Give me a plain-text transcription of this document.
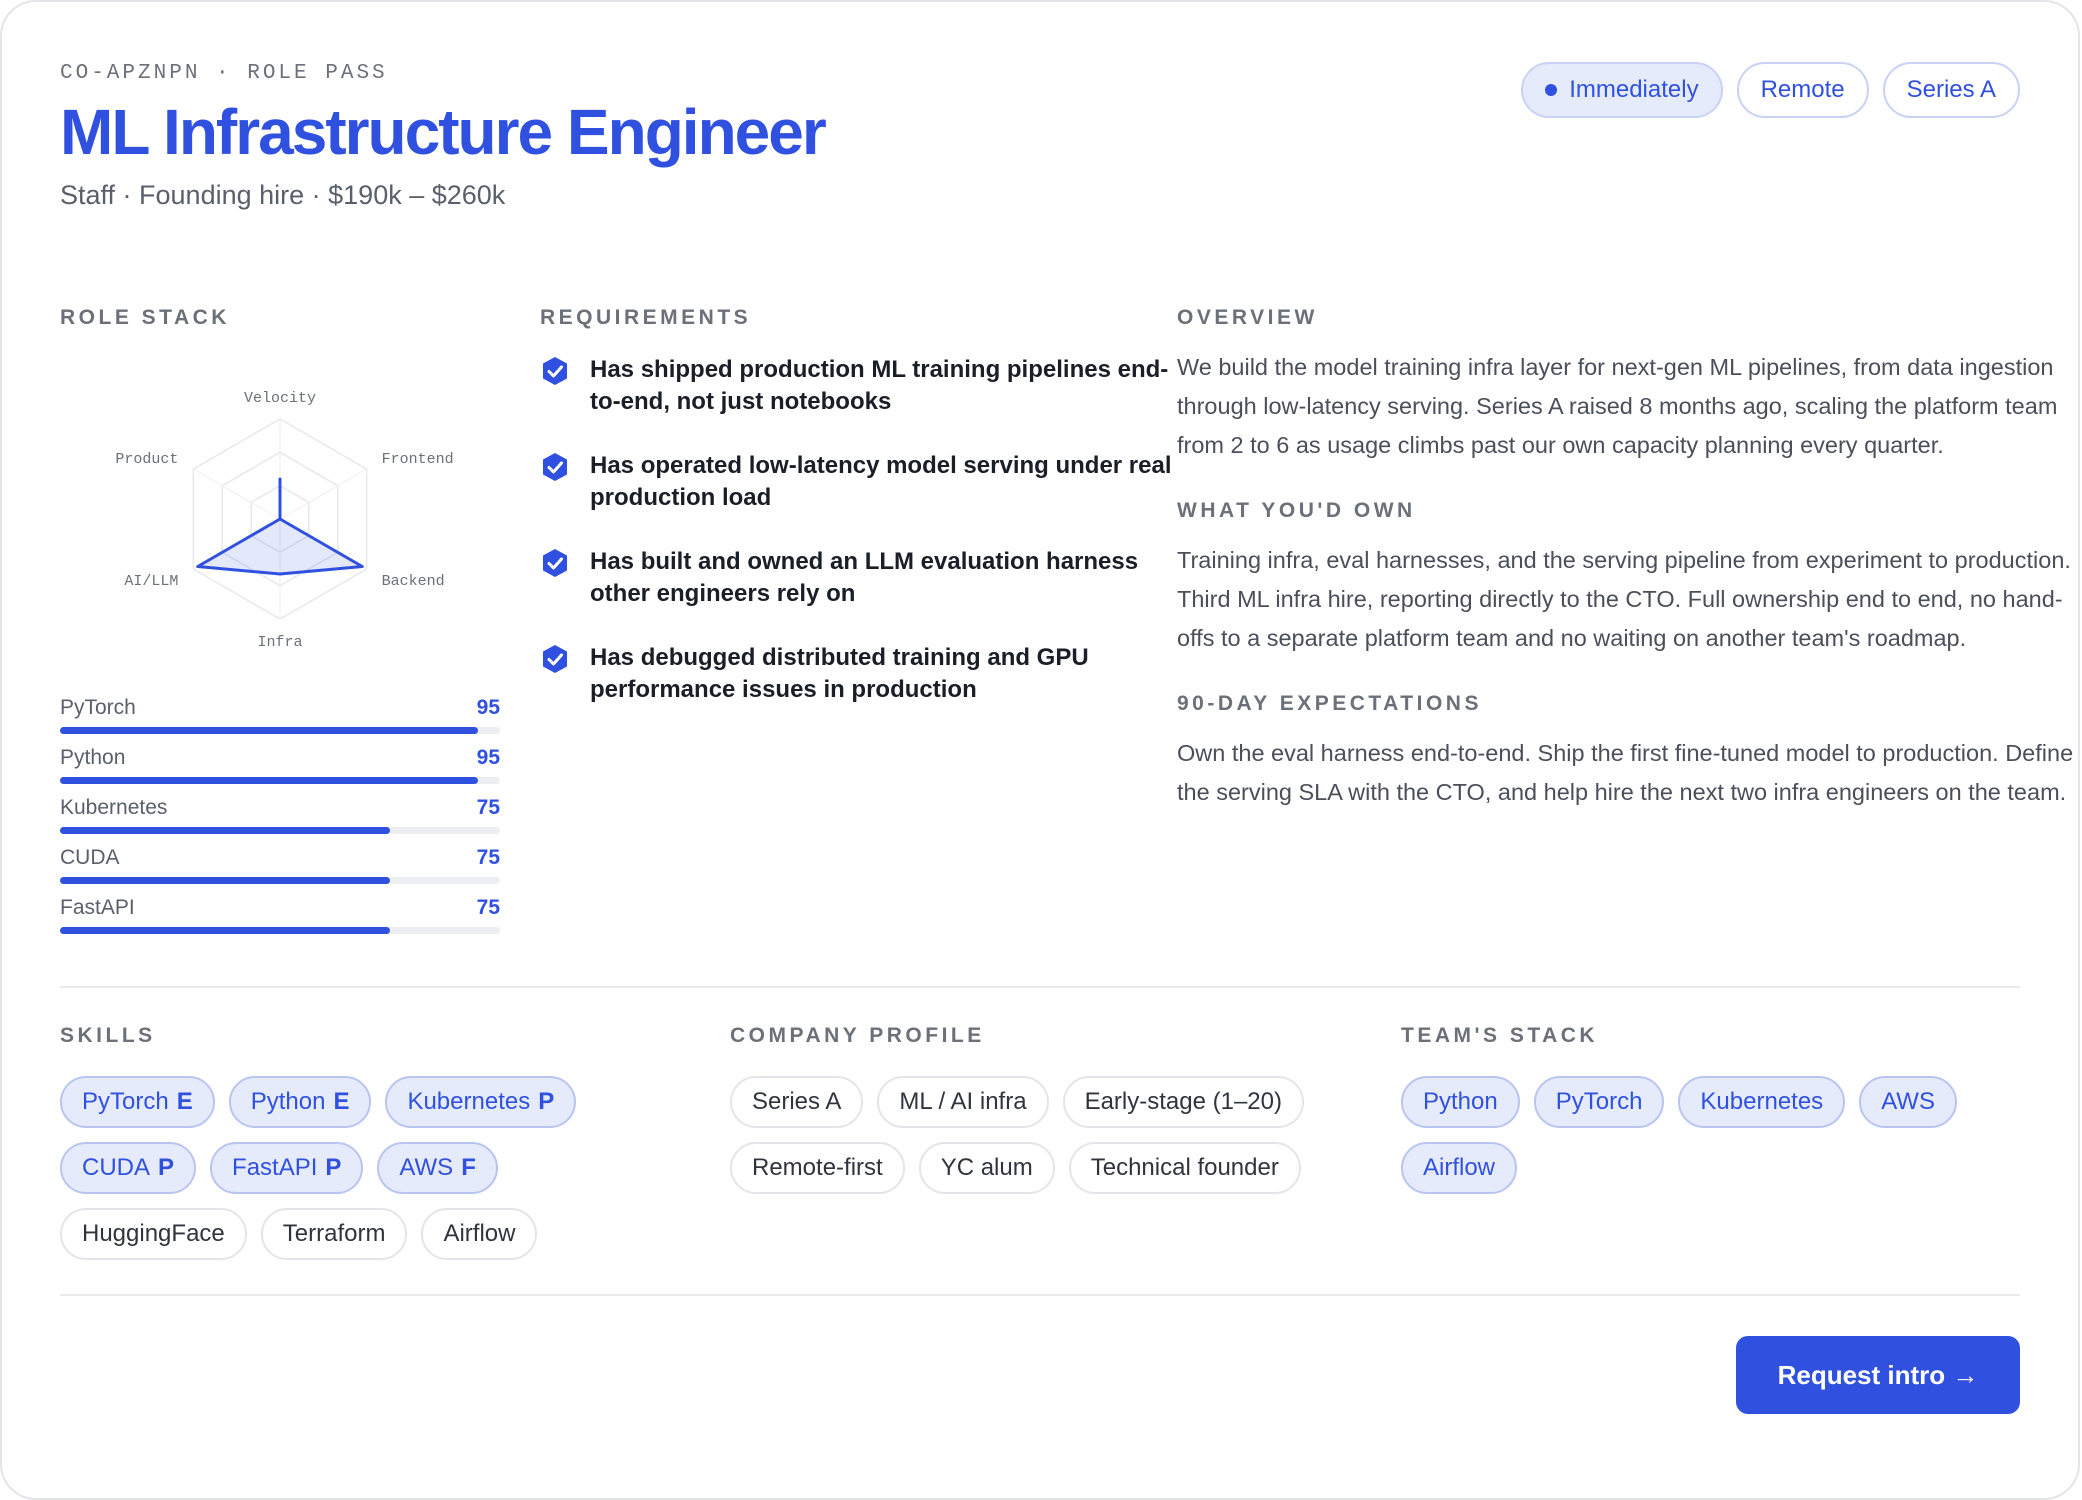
CO-APZNPN · ROLE PASS
ML Infrastructure Engineer
Staff · Founding hire · $190k – $260k
Immediately	Remote	Series A
ROLE STACK
Velocity
Frontend
Backend
Infra
AI/LLM
Product
PyTorch	95
Python	95
Kubernetes	75
CUDA	75
FastAPI	75
REQUIREMENTS
Has shipped production ML training pipelines end-to-end, not just notebooks
Has operated low-latency model serving under real production load
Has built and owned an LLM evaluation harness other engineers rely on
Has debugged distributed training and GPU performance issues in production
OVERVIEW

We build the model training infra layer for next-gen ML pipelines, from data ingestion through low-latency serving. Series A raised 8 months ago, scaling the platform team from 2 to 6 as usage climbs past our own capacity planning every quarter.

WHAT YOU'D OWN

Training infra, eval harnesses, and the serving pipeline from experiment to production. Third ML infra hire, reporting directly to the CTO. Full ownership end to end, no hand-offs to a separate platform team and no waiting on another team's roadmap.

90-DAY EXPECTATIONS

Own the eval harness end-to-end. Ship the first fine-tuned model to production. Define the serving SLA with the CTO, and help hire the next two infra engineers on the team.

SKILLS
PyTorch E Python E Kubernetes P
CUDA P FastAPI P AWS F
HuggingFace Terraform Airflow
COMPANY PROFILE
Series A ML / AI infra Early-stage (1–20)
Remote-first YC alum Technical founder
TEAM'S STACK
Python PyTorch Kubernetes AWS
Airflow
Request intro →
